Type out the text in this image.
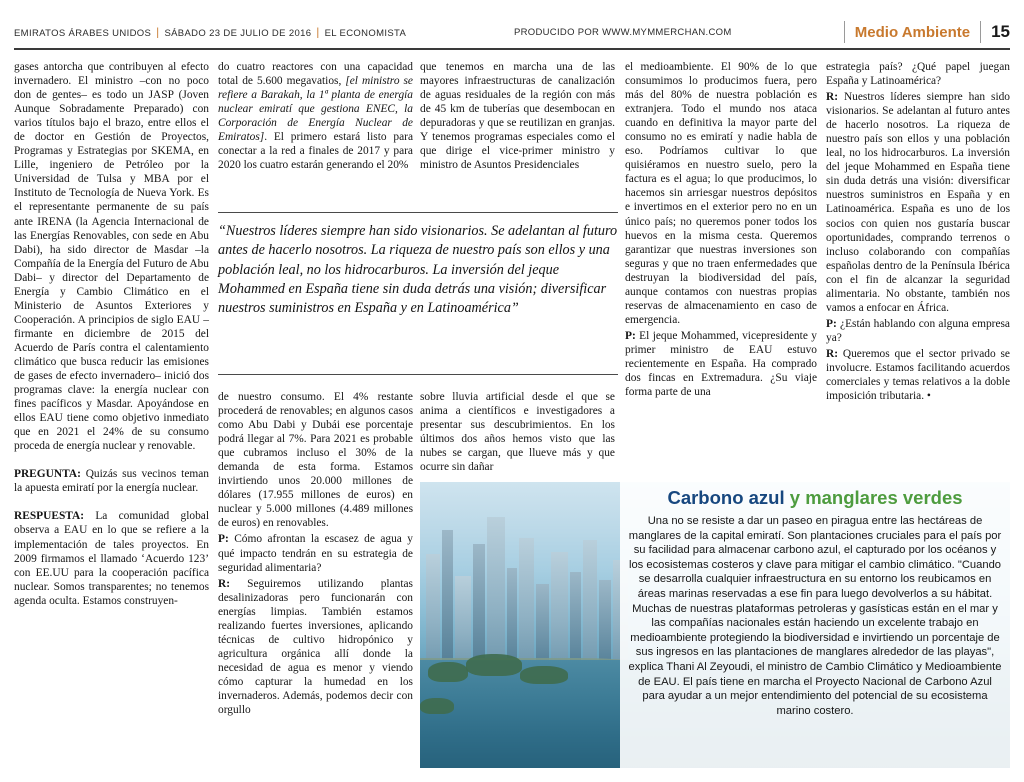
EMIRATOS ÁRABES UNIDOS | SÁBADO 23 DE JULIO DE 2016 | EL ECONOMISTA	PRODUCIDO POR WWW.MYMMERCHAN.COM	Medio Ambiente 15

gases antorcha que contribuyen al efecto invernadero. El ministro –con no poco don de gentes– es todo un JASP (Joven Aunque Sobradamente Preparado) con varios títulos bajo el brazo, entre ellos el de doctor en Gestión de Proyectos, Programas y Estrategias por SKEMA, en Lille, ingeniero de Petróleo por la Universidad de Tulsa y MBA por el Instituto de Tecnología de Nueva York. Es el representante permanente de su país ante IRENA (la Agencia Internacional de las Energías Renovables, con sede en Abu Dabi), ha sido director de Masdar –la Compañía de la Energía del Futuro de Abu Dabi– y director del Departamento de Energía y Cambio Climático en el Ministerio de Asuntos Exteriores y Cooperación. A principios de siglo EAU –firmante en diciembre de 2015 del Acuerdo de París contra el calentamiento climático que busca reducir las emisiones de gases de efecto invernadero– inició dos programas clave: la energía nuclear con fines pacíficos y Masdar. Apoyándose en ellos EAU tiene como objetivo inmediato que en 2021 el 24% de su consumo proceda de energía nuclear y renovable.

PREGUNTA: Quizás sus vecinos teman la apuesta emiratí por la energía nuclear.

RESPUESTA: La comunidad global observa a EAU en lo que se refiere a la implementación de tales proyectos. En 2009 firmamos el llamado ‘Acuerdo 123’ con EE.UU para la cooperación pacífica nuclear. Somos transparentes; no tenemos agenda oculta. Estamos construyen-

do cuatro reactores con una capacidad total de 5.600 megavatios, [el ministro se refiere a Barakah, la 1ª planta de energía nuclear emiratí que gestiona ENEC, la Corporación de Energía Nuclear de Emiratos]. El primero estará listo para conectar a la red a finales de 2017 y para 2020 los cuatro estarán generando el 20%

“Nuestros líderes siempre han sido visionarios. Se adelantan al futuro antes de hacerlo nosotros. La riqueza de nuestro país son ellos y una población leal, no los hidrocarburos. La inversión del jeque Mohammed en España tiene sin duda detrás una visión; diversificar nuestros suministros en España y en Latinoamérica”

de nuestro consumo. El 4% restante procederá de renovables; en algunos casos como Abu Dabi y Dubái ese porcentaje podrá llegar al 7%. Para 2021 es probable que cubramos incluso el 30% de la demanda de esta forma. Estamos invirtiendo unos 20.000 millones de dólares (17.955 millones de euros) en nuclear y 5.000 millones (4.489 millones de euros) en renovables.

P: Cómo afrontan la escasez de agua y qué impacto tendrán en su estrategia de seguridad alimentaria?

R: Seguiremos utilizando plantas desalinizadoras pero funcionarán con energías limpias. También estamos realizando fuertes inversiones, aplicando técnicas de cultivo hidropónico y agricultura orgánica allí donde la necesidad de agua es menor y viendo cómo capturar la humedad en los invernaderos. Además, podemos decir con orgullo

que tenemos en marcha una de las mayores infraestructuras de canalización de aguas residuales de la región con más de 45 km de tuberías que desembocan en depuradoras y que se reutilizan en granjas. Y tenemos programas especiales como el que dirige el vice-primer ministro y ministro de Asuntos Presidenciales

sobre lluvia artificial desde el que se anima a científicos e investigadores a presentar sus descubrimientos. En los últimos dos años hemos visto que las nubes se cargan, que llueve más y que ocurre sin dañar

el medioambiente. El 90% de lo que consumimos lo producimos fuera, pero más del 80% de nuestra población es extranjera. Todo el mundo nos ataca cuando en definitiva la mayor parte del consumo no es emiratí y nadie habla de eso. Podríamos cultivar lo que quisiéramos en nuestro suelo, pero la factura es el agua; lo que producimos, lo hacemos sin arriesgar nuestros depósitos e invertimos en el exterior pero no en un único país; no queremos poner todos los huevos en la misma cesta. Queremos garantizar que nuestras inversiones son seguras y que no traen enfermedades que destruyan la biodiversidad del país, aunque contamos con nuestras propias reservas de almacenamiento en caso de emergencia.

P: El jeque Mohammed, vicepresidente y primer ministro de EAU estuvo recientemente en España. Ha comprado dos fincas en Extremadura. ¿Su viaje forma parte de una

estrategia país? ¿Qué papel juegan España y Latinoamérica?

R: Nuestros líderes siempre han sido visionarios. Se adelantan al futuro antes de hacerlo nosotros. La riqueza de nuestro país son ellos y una población leal, no los hidrocarburos. La inversión del jeque Mohammed en España tiene sin duda detrás una visión: diversificar nuestros suministros en España y en Latinoamérica. España es uno de los socios con quien nos gustaría buscar oportunidades, comprando terrenos o incluso colaborando con compañías españolas dentro de la Península Ibérica con el fin de alcanzar la seguridad alimentaria. No obstante, también nos vamos a enfocar en África.

P: ¿Están hablando con alguna empresa ya?

R: Queremos que el sector privado se involucre. Estamos facilitando acuerdos comerciales y temas relativos a la doble imposición tributaria. •

Carbono azul y manglares verdes

Una no se resiste a dar un paseo en piragua entre las hectáreas de manglares de la capital emiratí. Son plantaciones cruciales para el país por su facilidad para almacenar carbono azul, el capturado por los océanos y los ecosistemas costeros y clave para mitigar el cambio climático. "Cuando se desarrolla cualquier infraestructura en su entorno los reubicamos en áreas marinas reservadas a ese fin para luego devolverlos a su hábitat. Muchas de nuestras plataformas petroleras y gasísticas están en el mar y las compañías nacionales están haciendo un excelente trabajo en medioambiente protegiendo la biodiversidad e invirtiendo un porcentaje de sus ingresos en las plantaciones de manglares alrededor de las playas", explica Thani Al Zeyoudi, el ministro de Cambio Climático y Medioambiente de EAU. El país tiene en marcha el Proyecto Nacional de Carbono Azul para ayudar a un mejor entendimiento del potencial de su ecosistema marino costero.
